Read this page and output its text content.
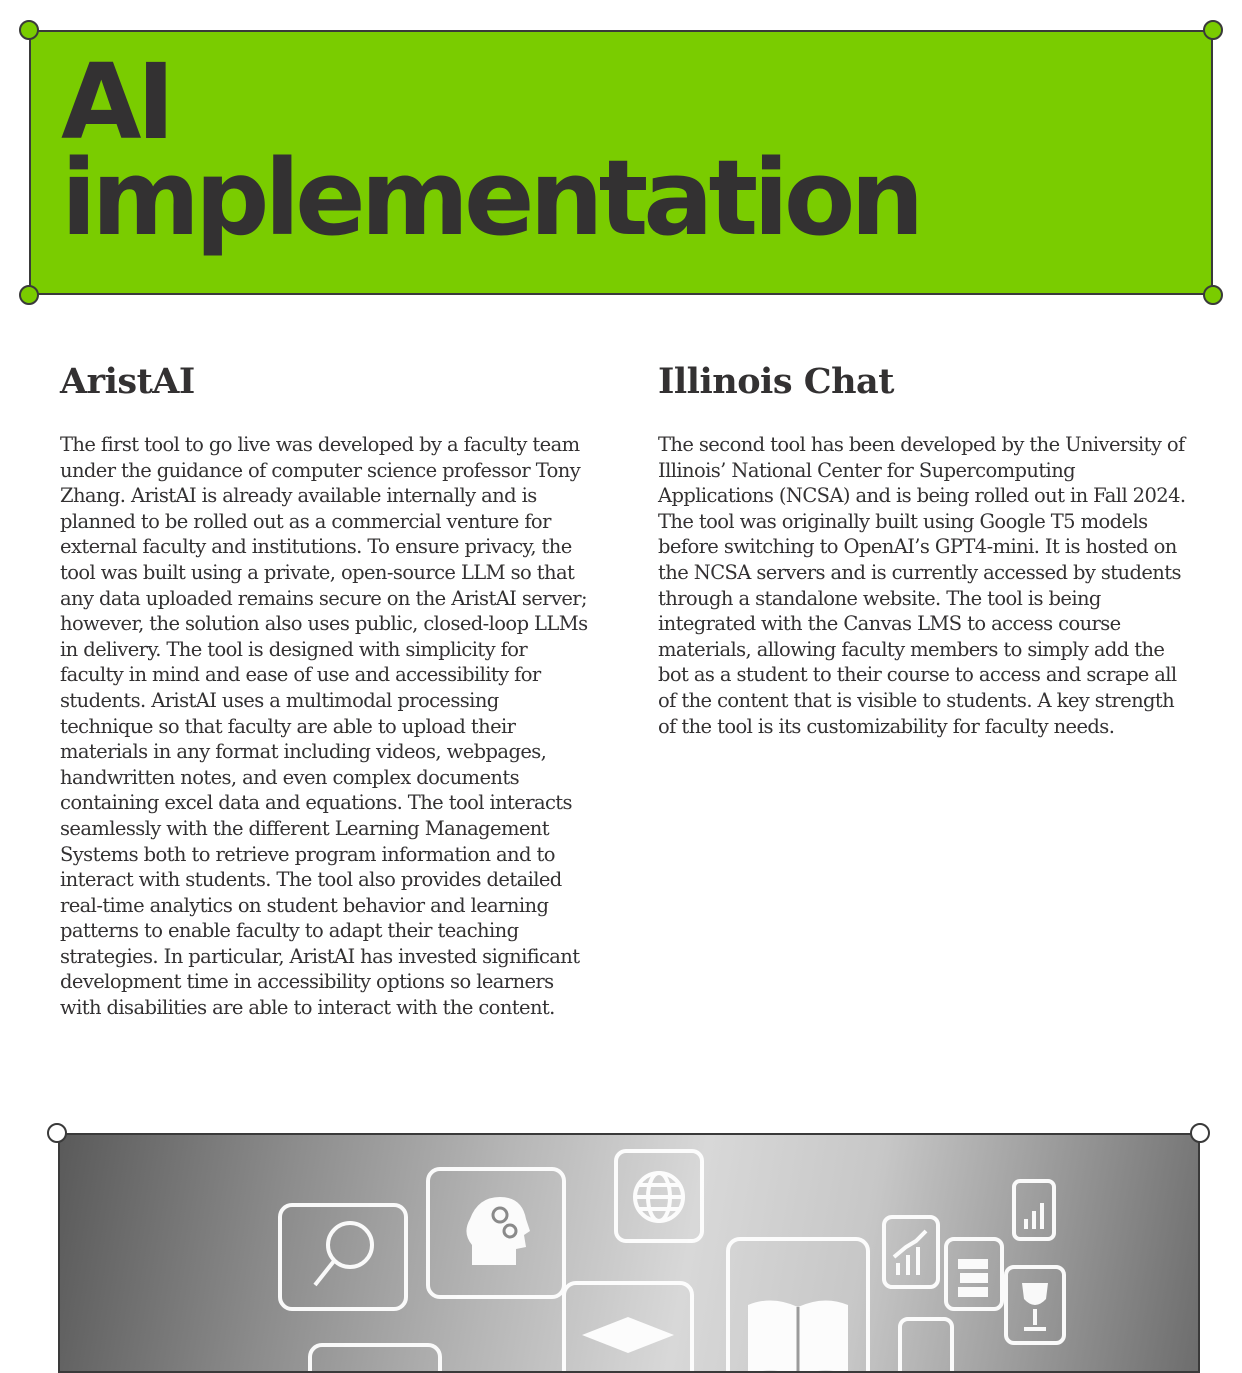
AI
implementation
AristAI

The first tool to go live was developed by a faculty team under the guidance of computer science professor Tony Zhang. AristAI is already available internally and is planned to be rolled out as a commercial venture for external faculty and institutions. To ensure privacy, the tool was built using a private, open-source LLM so that any data uploaded remains secure on the AristAI server; however, the solution also uses public, closed-loop LLMs in delivery. The tool is designed with simplicity for faculty in mind and ease of use and accessibility for students. AristAI uses a multimodal processing technique so that faculty are able to upload their materials in any format including videos, webpages, handwritten notes, and even complex documents containing excel data and equations. The tool interacts seamlessly with the different Learning Management Systems both to retrieve program information and to interact with students. The tool also provides detailed real-time analytics on student behavior and learning patterns to enable faculty to adapt their teaching strategies. In particular, AristAI has invested significant development time in accessibility options so learners with disabilities are able to interact with the content.

Illinois Chat

The second tool has been developed by the University of Illinois’ National Center for Supercomputing Applications (NCSA) and is being rolled out in Fall 2024. The tool was originally built using Google T5 models before switching to OpenAI’s GPT4-mini. It is hosted on the NCSA servers and is currently accessed by students through a standalone website. The tool is being integrated with the Canvas LMS to access course materials, allowing faculty members to simply add the bot as a student to their course to access and scrape all of the content that is visible to students. A key strength of the tool is its customizability for faculty needs.
